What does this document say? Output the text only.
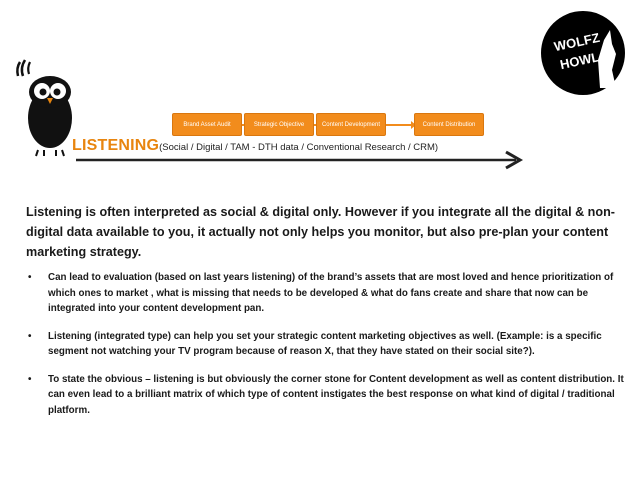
WOLFZ
HOWL
Brand Asset Audit	Strategic Objective	Content Development	Content Distribution
LISTENING(Social / Digital / TAM - DTH data / Conventional Research / CRM)

Listening is often interpreted as social & digital only. However if you integrate all the digital & non-digital data available to you, it actually not only helps you monitor, but also pre-plan your content marketing strategy.

• Can lead to evaluation (based on last years listening) of the brand’s assets that are most loved and hence prioritization of which ones to market , what is missing that needs to be developed & what do fans create and share that now can be integrated into your content development pan.
• Listening (integrated type) can help you set your strategic content marketing objectives as well. (Example: is a specific segment not watching your TV program because of reason X, that they have stated on their social site?).
• To state the obvious – listening is but obviously the corner stone for Content development as well as content distribution. It can even lead to a brilliant matrix of which type of content instigates the best response on what kind of digital / traditional platform.
